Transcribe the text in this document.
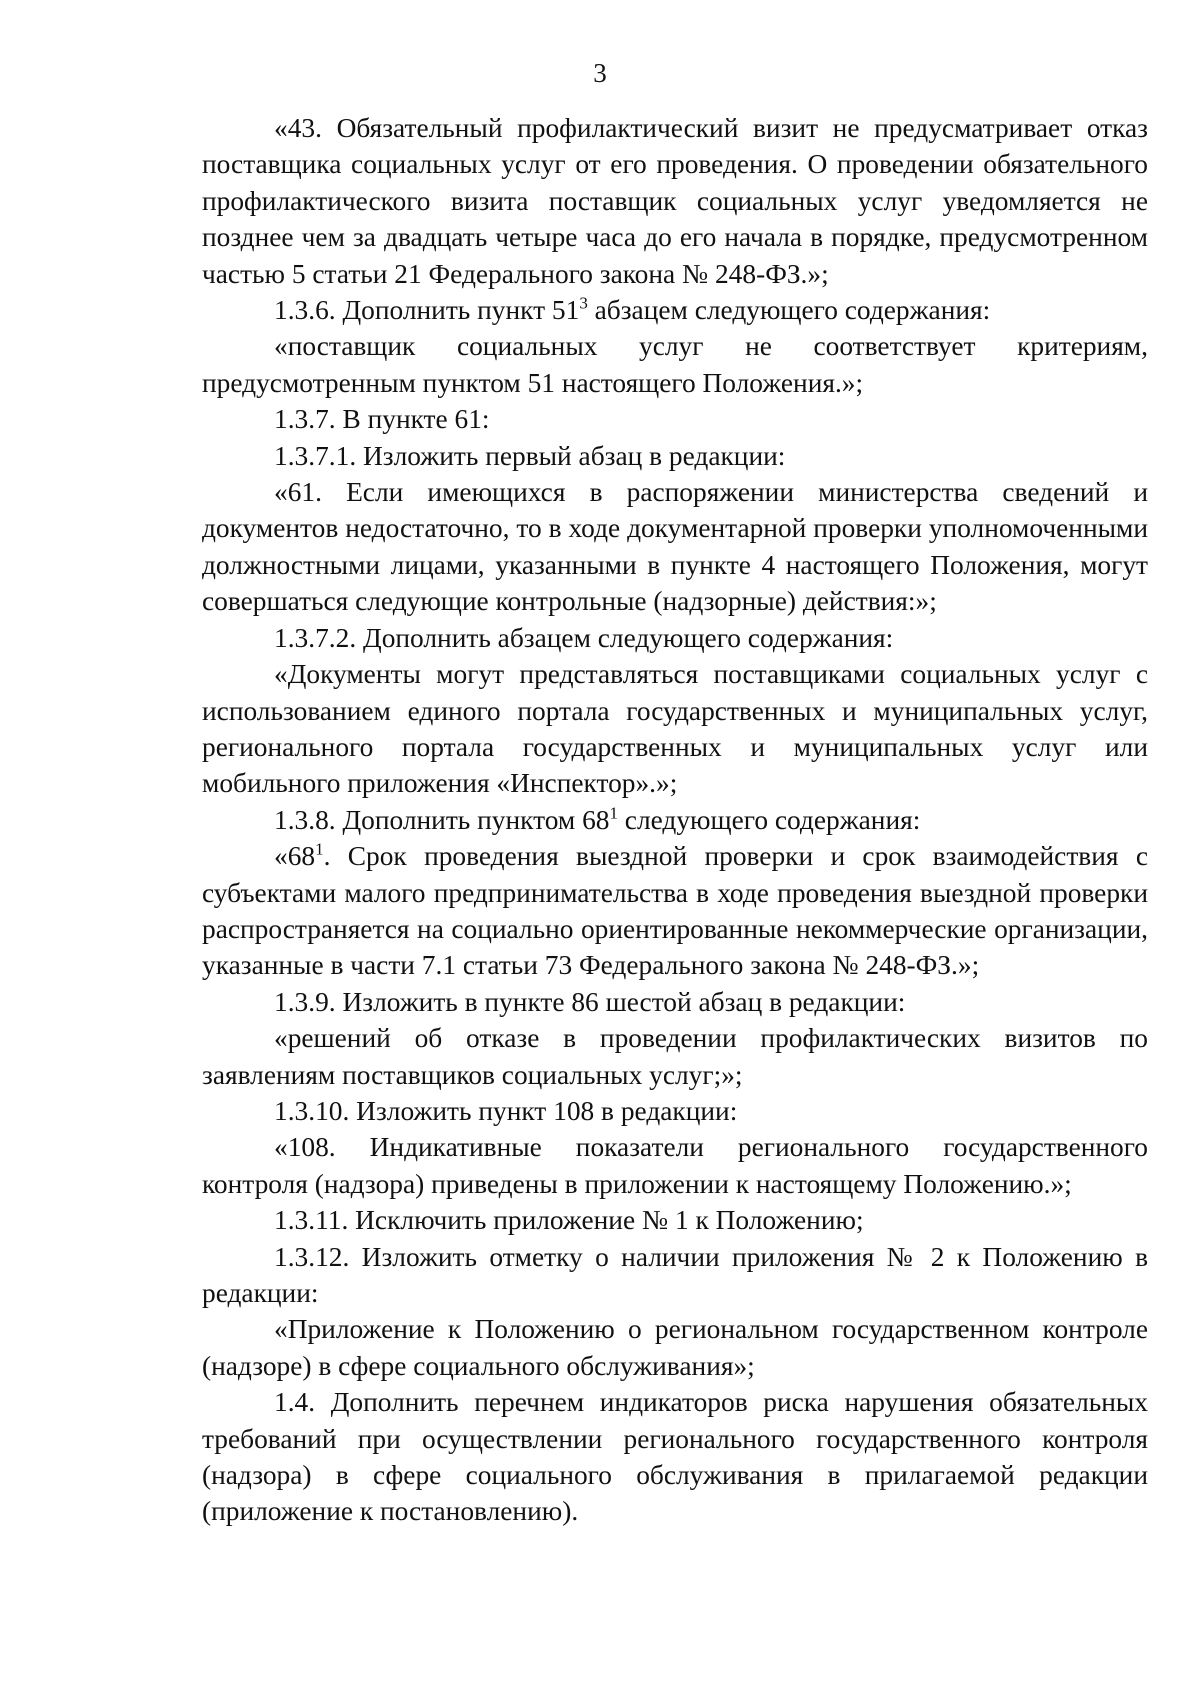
3

«43. Обязательный профилактический визит не предусматривает отказ поставщика социальных услуг от его проведения. О проведении обязательного профилактического визита поставщик социальных услуг уведомляется не позднее чем за двадцать четыре часа до его начала в порядке, предусмотренном частью 5 статьи 21 Федерального закона № 248-ФЗ.»;

1.3.6. Дополнить пункт $51^3$ абзацем следующего содержания:

«поставщик социальных услуг не соответствует критериям, предусмотренным пунктом 51 настоящего Положения.»;

1.3.7. В пункте 61:

1.3.7.1. Изложить первый абзац в редакции:

«61. Если имеющихся в распоряжении министерства сведений и документов недостаточно, то в ходе документарной проверки уполномоченными должностными лицами, указанными в пункте 4 настоящего Положения, могут совершаться следующие контрольные (надзорные) действия:»;

1.3.7.2. Дополнить абзацем следующего содержания:

«Документы могут представляться поставщиками социальных услуг с использованием единого портала государственных и муниципальных услуг, регионального портала государственных и муниципальных услуг или мобильного приложения «Инспектор».»;

1.3.8. Дополнить пунктом $68^1$ следующего содержания:

«$68^1$. Срок проведения выездной проверки и срок взаимодействия с субъектами малого предпринимательства в ходе проведения выездной проверки распространяется на социально ориентированные некоммерческие организации, указанные в части 7.1 статьи 73 Федерального закона № 248-ФЗ.»;

1.3.9. Изложить в пункте 86 шестой абзац в редакции:

«решений об отказе в проведении профилактических визитов по заявлениям поставщиков социальных услуг;»;

1.3.10. Изложить пункт 108 в редакции:

«108. Индикативные показатели регионального государственного контроля (надзора) приведены в приложении к настоящему Положению.»;

1.3.11. Исключить приложение № 1 к Положению;

1.3.12. Изложить отметку о наличии приложения № 2 к Положению в редакции:

«Приложение к Положению о региональном государственном контроле (надзоре) в сфере социального обслуживания»;

1.4. Дополнить перечнем индикаторов риска нарушения обязательных требований при осуществлении регионального государственного контроля (надзора) в сфере социального обслуживания в прилагаемой редакции (приложение к постановлению).
